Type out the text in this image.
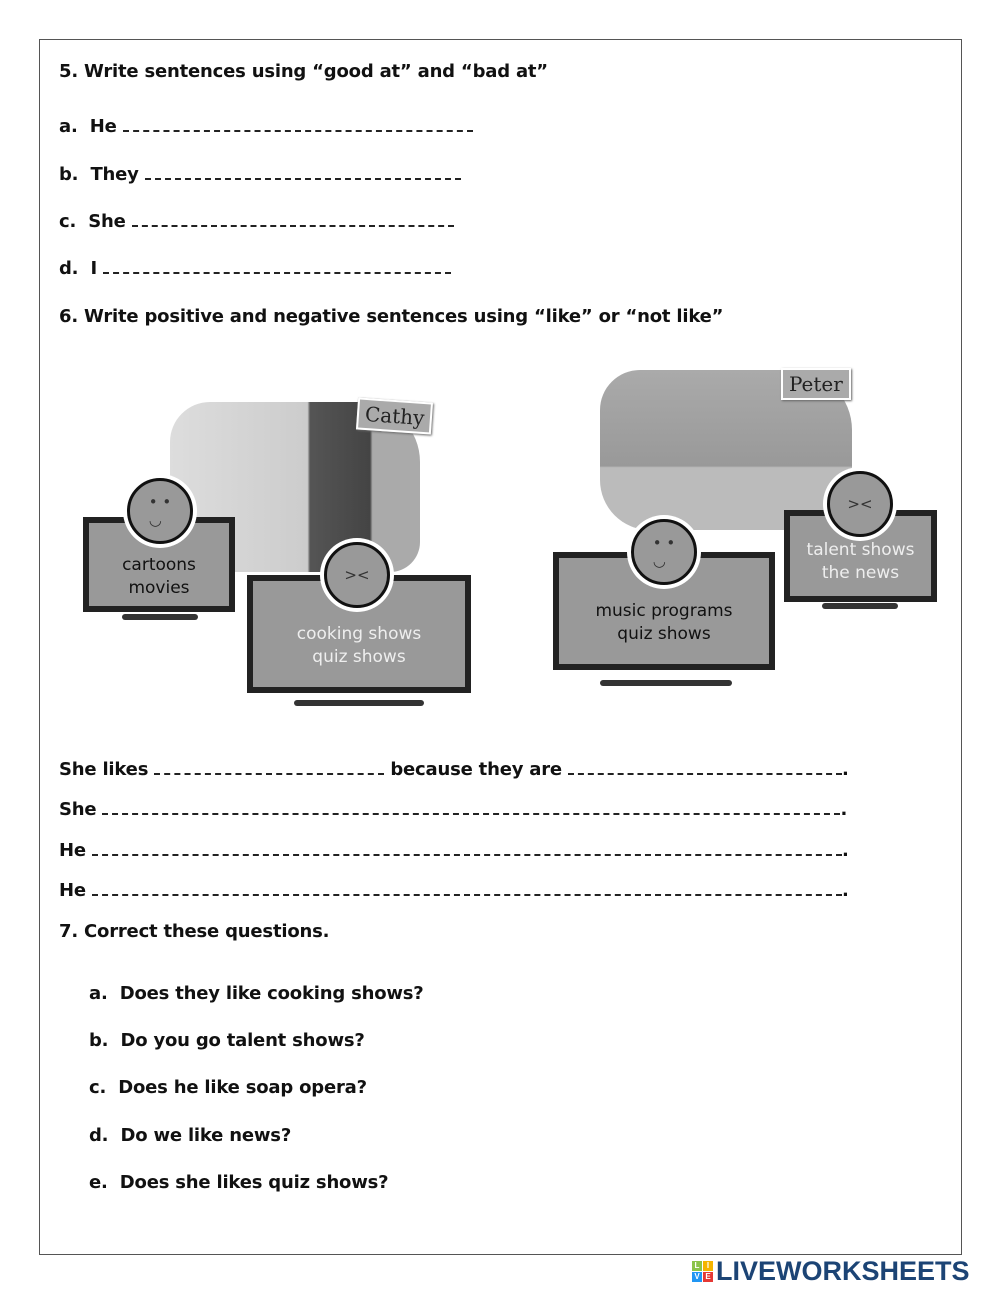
5. Write sentences using “good at” and “bad at”
a. He
b. They
c. She
d. I
6. Write positive and negative sentences using “like” or “not like”
Cathy
cartoons
movies
• •
◡
cooking shows
quiz shows
><
Peter
talent shows
the news
><
music programs
quiz shows
• •
◡
She likes	because they are	.
She	.
He	.
He	.
7. Correct these questions.
a. Does they like cooking shows?
b. Do you go talent shows?
c. Does he like soap opera?
d. Do we like news?
e. Does she likes quiz shows?
L I
V E LIVEWORKSHEETS
